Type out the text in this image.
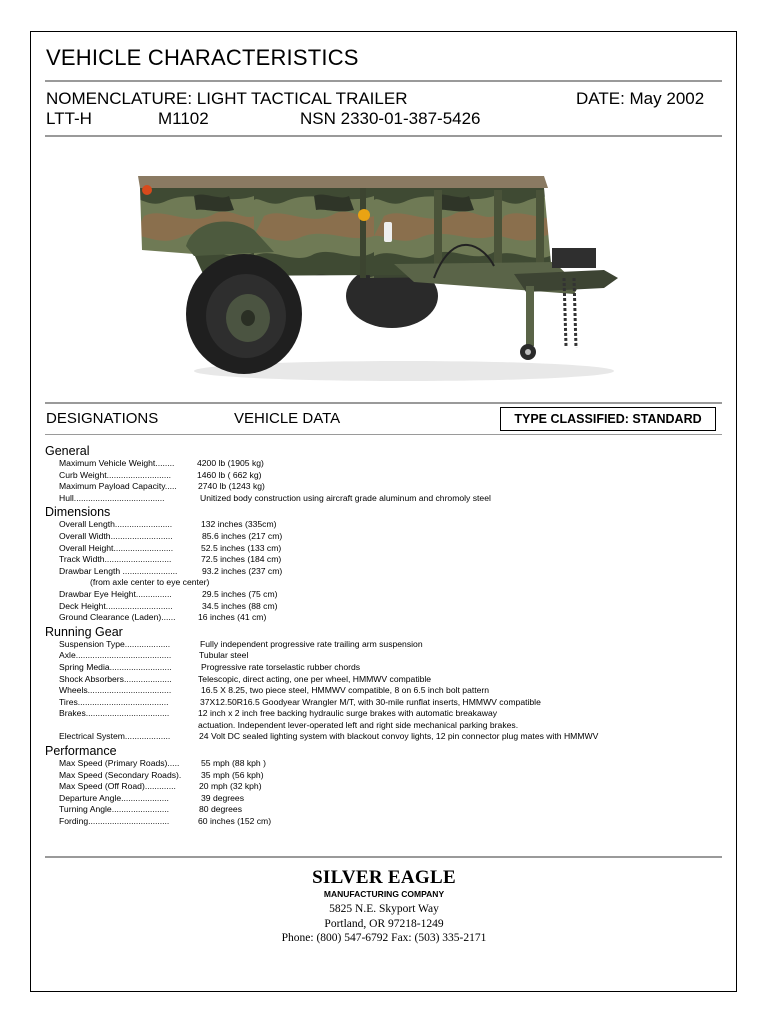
VEHICLE CHARACTERISTICS
NOMENCLATURE: LIGHT TACTICAL TRAILER	DATE: May 2002
LTT-H	M1102	NSN 2330-01-387-5426
DESIGNATIONS	VEHICLE DATA	TYPE CLASSIFIED: STANDARD
General
Maximum Vehicle Weight........	4200 lb (1905 kg)
Curb Weight...........................	1460 lb ( 662 kg)
Maximum Payload Capacity..... 2740 lb (1243 kg)
Hull......................................	Unitized body construction using aircraft grade aluminum and chromoly steel
Dimensions
Overall Length........................	132 inches (335cm)
Overall Width..........................	85.6 inches (217 cm)
Overall Height.........................	52.5 inches (133 cm)
Track Width............................	72.5 inches (184 cm)
Drawbar Length .......................	93.2 inches (237 cm)
(from axle center to eye center)
Drawbar Eye Height...............	29.5 inches (75 cm)
Deck Height............................	34.5 inches (88 cm)
Ground Clearance (Laden)......	16 inches (41 cm)
Running Gear
Suspension Type...................	Fully independent progressive rate trailing arm suspension
Axle........................................	Tubular steel
Spring Media..........................	Progressive rate torselastic rubber chords
Shock Absorbers....................	Telescopic, direct acting, one per wheel, HMMWV compatible
Wheels...................................	16.5 X 8.25, two piece steel, HMMWV compatible, 8 on 6.5 inch bolt pattern
Tires......................................	37X12.50R16.5 Goodyear Wrangler M/T, with 30-mile runflat inserts, HMMWV compatible
Brakes...................................	12 inch x 2 inch free backing hydraulic surge brakes with automatic breakaway
actuation. Independent lever-operated left and right side mechanical parking brakes.
Electrical System...................	24 Volt DC sealed lighting system with blackout convoy lights, 12 pin connector plug mates with HMMWV
Performance
Max Speed (Primary Roads).....	55 mph (88 kph )
Max Speed (Secondary Roads). 35 mph (56 kph)
Max Speed (Off Road).............	20 mph (32 kph)
Departure Angle....................	39 degrees
Turning Angle........................	80 degrees
Fording..................................	60 inches (152 cm)
SILVER EAGLE
MANUFACTURING COMPANY
5825 N.E. Skyport Way
Portland, OR 97218-1249
Phone: (800) 547-6792 Fax: (503) 335-2171
